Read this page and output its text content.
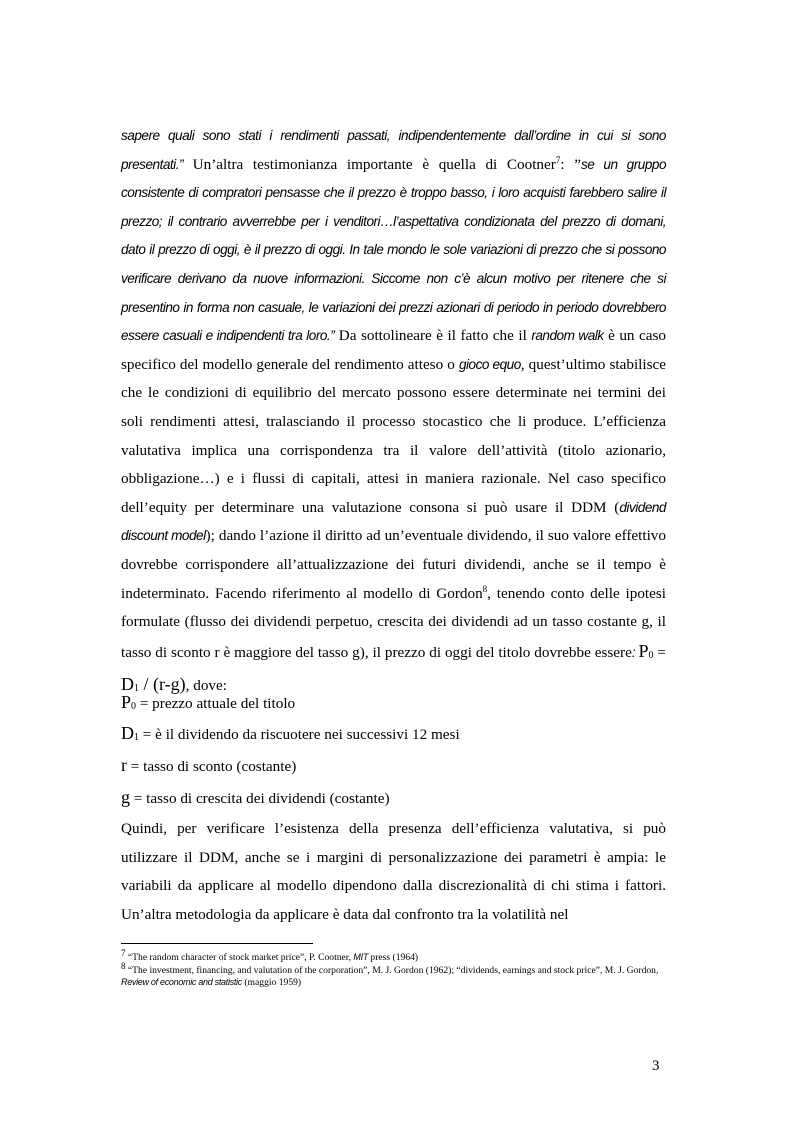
sapere quali sono stati i rendimenti passati, indipendentemente dall’ordine in cui si sono presentati.” Un’altra testimonianza importante è quella di Cootner$^7$: ”se un gruppo consistente di compratori pensasse che il prezzo è troppo basso, i loro acquisti farebbero salire il prezzo; il contrario avverrebbe per i venditori…l’aspettativa condizionata del prezzo di domani, dato il prezzo di oggi, è il prezzo di oggi. In tale mondo le sole variazioni di prezzo che si possono verificare derivano da nuove informazioni. Siccome non c’è alcun motivo per ritenere che si presentino in forma non casuale, le variazioni dei prezzi azionari di periodo in periodo dovrebbero essere casuali e indipendenti tra loro.” Da sottolineare è il fatto che il random walk è un caso specifico del modello generale del rendimento atteso o gioco equo, quest’ultimo stabilisce che le condizioni di equilibrio del mercato possono essere determinate nei termini dei soli rendimenti attesi, tralasciando il processo stocastico che li produce. L’efficienza valutativa implica una corrispondenza tra il valore dell’attività (titolo azionario, obbligazione…) e i flussi di capitali, attesi in maniera razionale. Nel caso specifico dell’equity per determinare una valutazione consona si può usare il DDM (dividend discount model); dando l’azione il diritto ad un’eventuale dividendo, il suo valore effettivo dovrebbe corrispondere all’attualizzazione dei futuri dividendi, anche se il tempo è indeterminato. Facendo riferimento al modello di Gordon$^8$, tenendo conto delle ipotesi formulate (flusso dei dividendi perpetuo, crescita dei dividendi ad un tasso costante g, il tasso di sconto r è maggiore del tasso g), il prezzo di oggi del titolo dovrebbe essere: $P_0 = D_1 / (r-g)$, dove:

$P_0$ = prezzo attuale del titolo

$D_1$ = è il dividendo da riscuotere nei successivi 12 mesi

r = tasso di sconto (costante)

g = tasso di crescita dei dividendi (costante)

Quindi, per verificare l’esistenza della presenza dell’efficienza valutativa, si può utilizzare il DDM, anche se i margini di personalizzazione dei parametri è ampia: le variabili da applicare al modello dipendono dalla discrezionalità di chi stima i fattori. Un’altra metodologia da applicare è data dal confronto tra la volatilità nel

$^7$ “The random character of stock market price”, P. Cootner, MIT press (1964)

$^8$ “The investment, financing, and valutation of the corporation”, M. J. Gordon (1962); “dividends, earnings and stock price”, M. J. Gordon, Review of economic and statistic (maggio 1959)

3
